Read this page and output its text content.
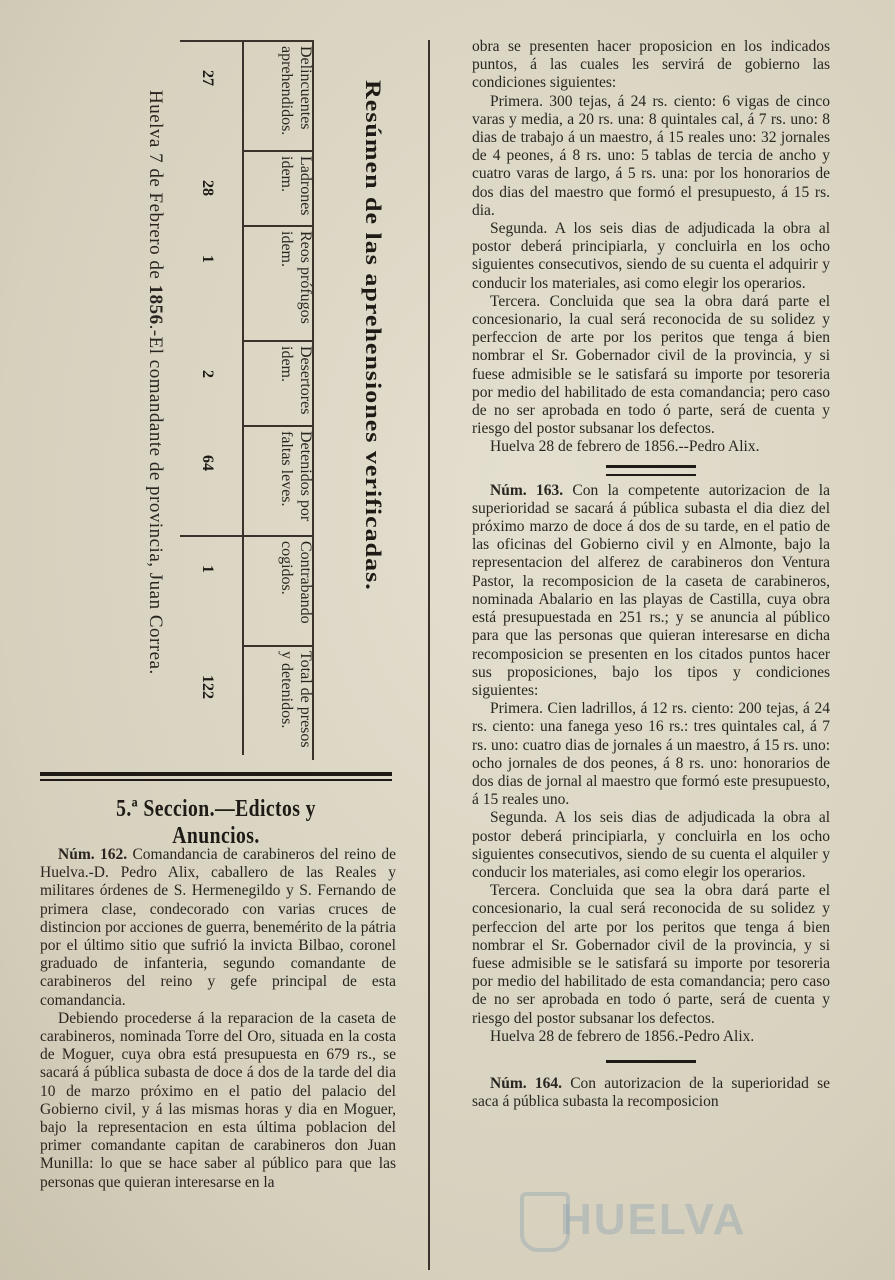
Resúmen de las aprehensiones verificadas.
Huelva 7 de Febrero de 1856.-El comandante de provincia, Juan Correa.
Delincuentes aprehendidos.
27
Ladrones idem.
28
Reos prófugos idem.
1
Desertores idem.
2
Detenidos por faltas leves.
64
Contrabando cogidos.
1
Total de presos y detenidos.
122
5.ª Seccion.—Edictos y Anuncios.

Núm. 162. Comandancia de carabineros del reino de Huelva.-D. Pedro Alix, caballero de las Reales y militares órdenes de S. Hermenegildo y S. Fernando de primera clase, condecorado con varias cruces de distincion por acciones de guerra, benemérito de la pátria por el último sitio que sufrió la invicta Bilbao, coronel graduado de infanteria, segundo comandante de carabineros del reino y gefe principal de esta comandancia.

Debiendo procederse á la reparacion de la caseta de carabineros, nominada Torre del Oro, situada en la costa de Moguer, cuya obra está presupuesta en 679 rs., se sacará á pública subasta de doce á dos de la tarde del dia 10 de marzo próximo en el patio del palacio del Gobierno civil, y á las mismas horas y dia en Moguer, bajo la representacion en esta última poblacion del primer comandante capitan de carabineros don Juan Munilla: lo que se hace saber al público para que las personas que quieran interesarse en la

obra se presenten hacer proposicion en los indicados puntos, á las cuales les servirá de gobierno las condiciones siguientes:

Primera. 300 tejas, á 24 rs. ciento: 6 vigas de cinco varas y media, a 20 rs. una: 8 quintales cal, á 7 rs. uno: 8 dias de trabajo á un maestro, á 15 reales uno: 32 jornales de 4 peones, á 8 rs. uno: 5 tablas de tercia de ancho y cuatro varas de largo, á 5 rs. una: por los honorarios de dos dias del maestro que formó el presupuesto, á 15 rs. dia.

Segunda. A los seis dias de adjudicada la obra al postor deberá principiarla, y concluirla en los ocho siguientes consecutivos, siendo de su cuenta el adquirir y conducir los materiales, asi como elegir los operarios.

Tercera. Concluida que sea la obra dará parte el concesionario, la cual será reconocida de su solidez y perfeccion de arte por los peritos que tenga á bien nombrar el Sr. Gobernador civil de la provincia, y si fuese admisible se le satisfará su importe por tesoreria por medio del habilitado de esta comandancia; pero caso de no ser aprobada en todo ó parte, será de cuenta y riesgo del postor subsanar los defectos.

Huelva 28 de febrero de 1856.--Pedro Alix.

Núm. 163. Con la competente autorizacion de la superioridad se sacará á pública subasta el dia diez del próximo marzo de doce á dos de su tarde, en el patio de las oficinas del Gobierno civil y en Almonte, bajo la representacion del alferez de carabineros don Ventura Pastor, la recomposicion de la caseta de carabineros, nominada Abalario en las playas de Castilla, cuya obra está presupuestada en 251 rs.; y se anuncia al público para que las personas que quieran interesarse en dicha recomposicion se presenten en los citados puntos hacer sus proposiciones, bajo los tipos y condiciones siguientes:

Primera. Cien ladrillos, á 12 rs. ciento: 200 tejas, á 24 rs. ciento: una fanega yeso 16 rs.: tres quintales cal, á 7 rs. uno: cuatro dias de jornales á un maestro, á 15 rs. uno: ocho jornales de dos peones, á 8 rs. uno: honorarios de dos dias de jornal al maestro que formó este presupuesto, á 15 reales uno.

Segunda. A los seis dias de adjudicada la obra al postor deberá principiarla, y concluirla en los ocho siguientes consecutivos, siendo de su cuenta el alquiler y conducir los materiales, asi como elegir los operarios.

Tercera. Concluida que sea la obra dará parte el concesionario, la cual será reconocida de su solidez y perfeccion del arte por los peritos que tenga á bien nombrar el Sr. Gobernador civil de la provincia, y si fuese admisible se le satisfará su importe por tesoreria por medio del habilitado de esta comandancia; pero caso de no ser aprobada en todo ó parte, será de cuenta y riesgo del postor subsanar los defectos.

Huelva 28 de febrero de 1856.-Pedro Alix.

Núm. 164. Con autorizacion de la superioridad se saca á pública subasta la recomposicion

HUELVA
